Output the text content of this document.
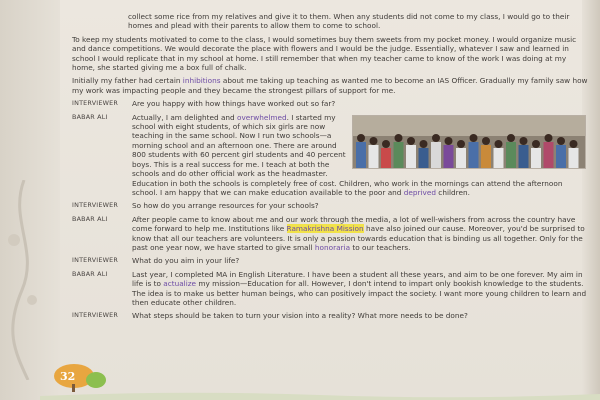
collect some rice from my relatives and give it to them. When any students did not come to my class, I would go to their homes and plead with their parents to allow them to come to school.

To keep my students motivated to come to the class, I would sometimes buy them sweets from my pocket money. I would organize music and dance competitions. We would decorate the place with flowers and I would be the judge. Essentially, whatever I saw and learned in school I would replicate that in my school at home. I still remember that when my teacher came to know of the work I was doing at my home, she started giving me a box full of chalk.

Initially my father had certain inhibitions about me taking up teaching as wanted me to become an IAS Officer. Gradually my family saw how my work was impacting people and they became the strongest pillars of support for me.

INTERVIEWER	Are you happy with how things have worked out so far?
BABAR ALI	Actually, I am delighted and overwhelmed. I started my school with eight students, of which six girls are now teaching in the same school. Now I run two schools—a morning school and an afternoon one. There are around 800 students with 60 percent girl students and 40 percent boys. This is a real success for me. I teach at both the schools and do other official work as the headmaster. Education in both the schools is completely free of cost. Children, who work in the mornings can attend the afternoon school. I am happy that we can make education available to the poor and deprived children.
INTERVIEWER	So how do you arrange resources for your schools?
BABAR ALI	After people came to know about me and our work through the media, a lot of well-wishers from across the country have come forward to help me. Institutions like Ramakrishna Mission have also joined our cause. Moreover, you'd be surprised to know that all our teachers are volunteers. It is only a passion towards education that is binding us all together. Only for the past one year now, we have started to give small honoraria to our teachers.
INTERVIEWER	What do you aim in your life?
BABAR ALI	Last year, I completed MA in English Literature. I have been a student all these years, and aim to be one forever. My aim in life is to actualize my mission—Education for all. However, I don't intend to impart only bookish knowledge to the students. The idea is to make us better human beings, who can positively impact the society. I want more young children to learn and then educate other children.
INTERVIEWER	What steps should be taken to turn your vision into a reality? What more needs to be done?
32
